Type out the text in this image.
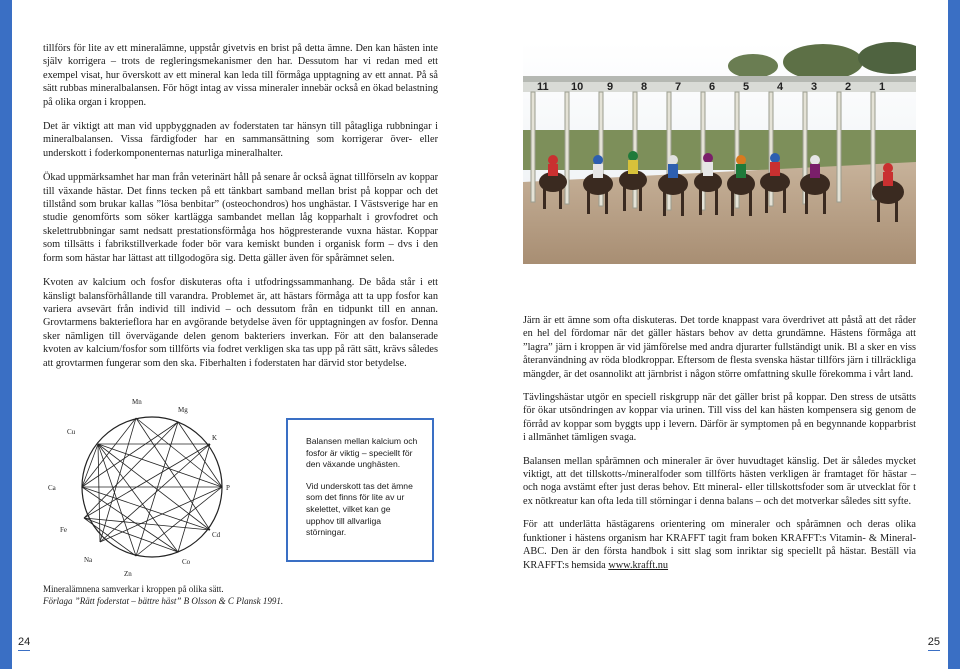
tillförs för lite av ett mineralämne, uppstår givetvis en brist på detta ämne. Den kan hästen inte själv korrigera – trots de regleringsmekanismer den har. Dessutom har vi redan med ett exempel visat, hur överskott av ett mineral kan leda till förmåga upptagning av ett annat. På så sätt rubbas mineralbalansen. För högt intag av vissa mineraler innebär också en ökad belastning på olika organ i kroppen.

Det är viktigt att man vid uppbyggnaden av foderstaten tar hänsyn till påtagliga rubbningar i mineralbalansen. Vissa färdigfoder har en sammansättning som korrigerar över- eller underskott i foderkomponenternas naturliga mineralhalter.

Ökad uppmärksamhet har man från veterinärt håll på senare år också ägnat tillförseln av koppar till växande hästar. Det finns tecken på ett tänkbart samband mellan brist på koppar och det tillstånd som brukar kallas ”lösa benbitar” (osteochondros) hos unghästar. I Västsverige har en studie genomförts som söker kartlägga sambandet mellan låg kopparhalt i grovfodret och skelettrubbningar samt nedsatt prestationsförmåga hos högpresterande vuxna hästar. Koppar som tillsätts i fabrikstillverkade foder bör vara kemiskt bunden i organisk form – dvs i den form som hästar har lättast att tillgodogöra sig. Detta gäller även för spårämnet selen.

Kvoten av kalcium och fosfor diskuteras ofta i utfodringssammanhang. De båda står i ett känsligt balansförhållande till varandra. Problemet är, att hästars förmåga att ta upp fosfor kan variera avsevärt från individ till individ – och dessutom från en tidpunkt till en annan. Grovtarmens bakterieflora har en avgörande betydelse även för upptagningen av fosfor. Denna sker nämligen till övervägande delen genom bakteriers inverkan. För att den balanserade kvoten av kalcium/fosfor som tillförts via fodret verkligen ska tas upp på rätt sätt, krävs således att grovtarmen fungerar som den ska. Fiberhalten i foderstaten har därvid stor betydelse.

Mn
Mg
K
P
Cd
Co
Zn
Na
Fe
Ca
Cu
Mineralämnena samverkar i kroppen på olika sätt.
Förlaga ”Rätt foderstat – bättre häst” B Olsson & C Plansk 1991.

Balansen mellan kalcium och fosfor är viktig – speciellt för den växande unghästen.

Vid underskott tas det ämne som det finns för lite av ur skelettet, vilket kan ge upphov till allvarliga störningar.

11 10 9	8	7	6	5	4	3	2	1

Järn är ett ämne som ofta diskuteras. Det torde knappast vara överdrivet att påstå att det råder en hel del fördomar när det gäller hästars behov av detta grundämne. Hästens förmåga att ”lagra” järn i kroppen är vid jämförelse med andra djurarter fullständigt unik. Bl a sker en viss återanvändning av röda blodkroppar. Eftersom de flesta svenska hästar tillförs järn i tillräckliga mängder, är det osannolikt att järnbrist i någon större omfattning skulle förekomma i vårt land.

Tävlingshästar utgör en speciell riskgrupp när det gäller brist på koppar. Den stress de utsätts för ökar utsöndringen av koppar via urinen. Till viss del kan hästen kompensera sig genom de förråd av koppar som byggts upp i levern. Därför är symptomen på en begynnande kopparbrist i allmänhet tämligen svaga.

Balansen mellan spårämnen och mineraler är över huvudtaget känslig. Det är således mycket viktigt, att det tillskotts-/mineralfoder som tillförts hästen verkligen är framtaget för hästar – och noga avstämt efter just deras behov. Ett mineral- eller tillskottsfoder som är utvecklat för t ex nötkreatur kan ofta leda till störningar i denna balans – och det motverkar således sitt syfte.

För att underlätta hästägarens orientering om mineraler och spårämnen och deras olika funktioner i hästens organism har KRAFFT tagit fram boken KRAFFT:s Vitamin- & Mineral-ABC. Den är den första handbok i sitt slag som inriktar sig speciellt på hästar. Beställ via KRAFFT:s hemsida www.krafft.nu

24	25
